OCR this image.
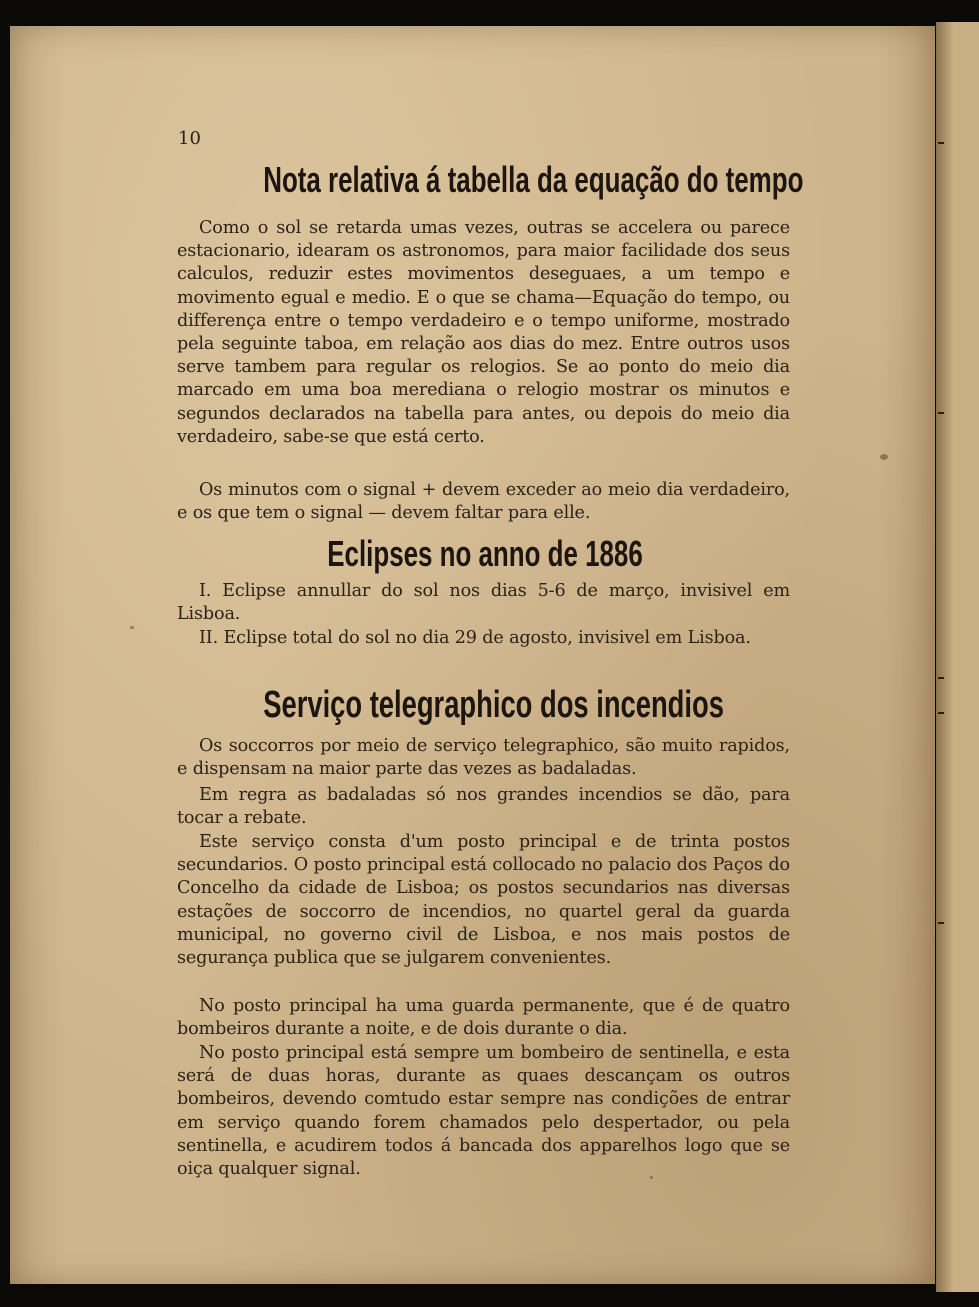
10
Nota relativa á tabella da equação do tempo

Como o sol se retarda umas vezes, outras se accelera ou parece estacionario, idearam os astronomos, para maior facilidade dos seus calculos, reduzir estes movimentos deseguaes, a um tempo e movimento egual e medio. E o que se chama—Equação do tempo, ou differença entre o tempo verdadeiro e o tempo uniforme, mostrado pela seguinte taboa, em relação aos dias do mez. Entre outros usos serve tambem para regular os relogios. Se ao ponto do meio dia marcado em uma boa merediana o relogio mostrar os minutos e segundos declarados na tabella para antes, ou depois do meio dia verdadeiro, sabe-se que está certo.

Os minutos com o signal + devem exceder ao meio dia verdadeiro, e os que tem o signal — devem faltar para elle.

Eclipses no anno de 1886

I. Eclipse annullar do sol nos dias 5-6 de março, invisivel em Lisboa.

II. Eclipse total do sol no dia 29 de agosto, invisivel em Lisboa.

Serviço telegraphico dos incendios

Os soccorros por meio de serviço telegraphico, são muito rapidos, e dispensam na maior parte das vezes as badaladas.

Em regra as badaladas só nos grandes incendios se dão, para tocar a rebate.

Este serviço consta d'um posto principal e de trinta postos secundarios. O posto principal está collocado no palacio dos Paços do Concelho da cidade de Lisboa; os postos secundarios nas diversas estações de soccorro de incendios, no quartel geral da guarda municipal, no governo civil de Lisboa, e nos mais postos de segurança publica que se julgarem convenientes.

No posto principal ha uma guarda permanente, que é de quatro bombeiros durante a noite, e de dois durante o dia.

No posto principal está sempre um bombeiro de sentinella, e esta será de duas horas, durante as quaes descançam os outros bombeiros, devendo comtudo estar sempre nas condições de entrar em serviço quando forem chamados pelo despertador, ou pela sentinella, e acudirem todos á bancada dos apparelhos logo que se oiça qualquer signal.
